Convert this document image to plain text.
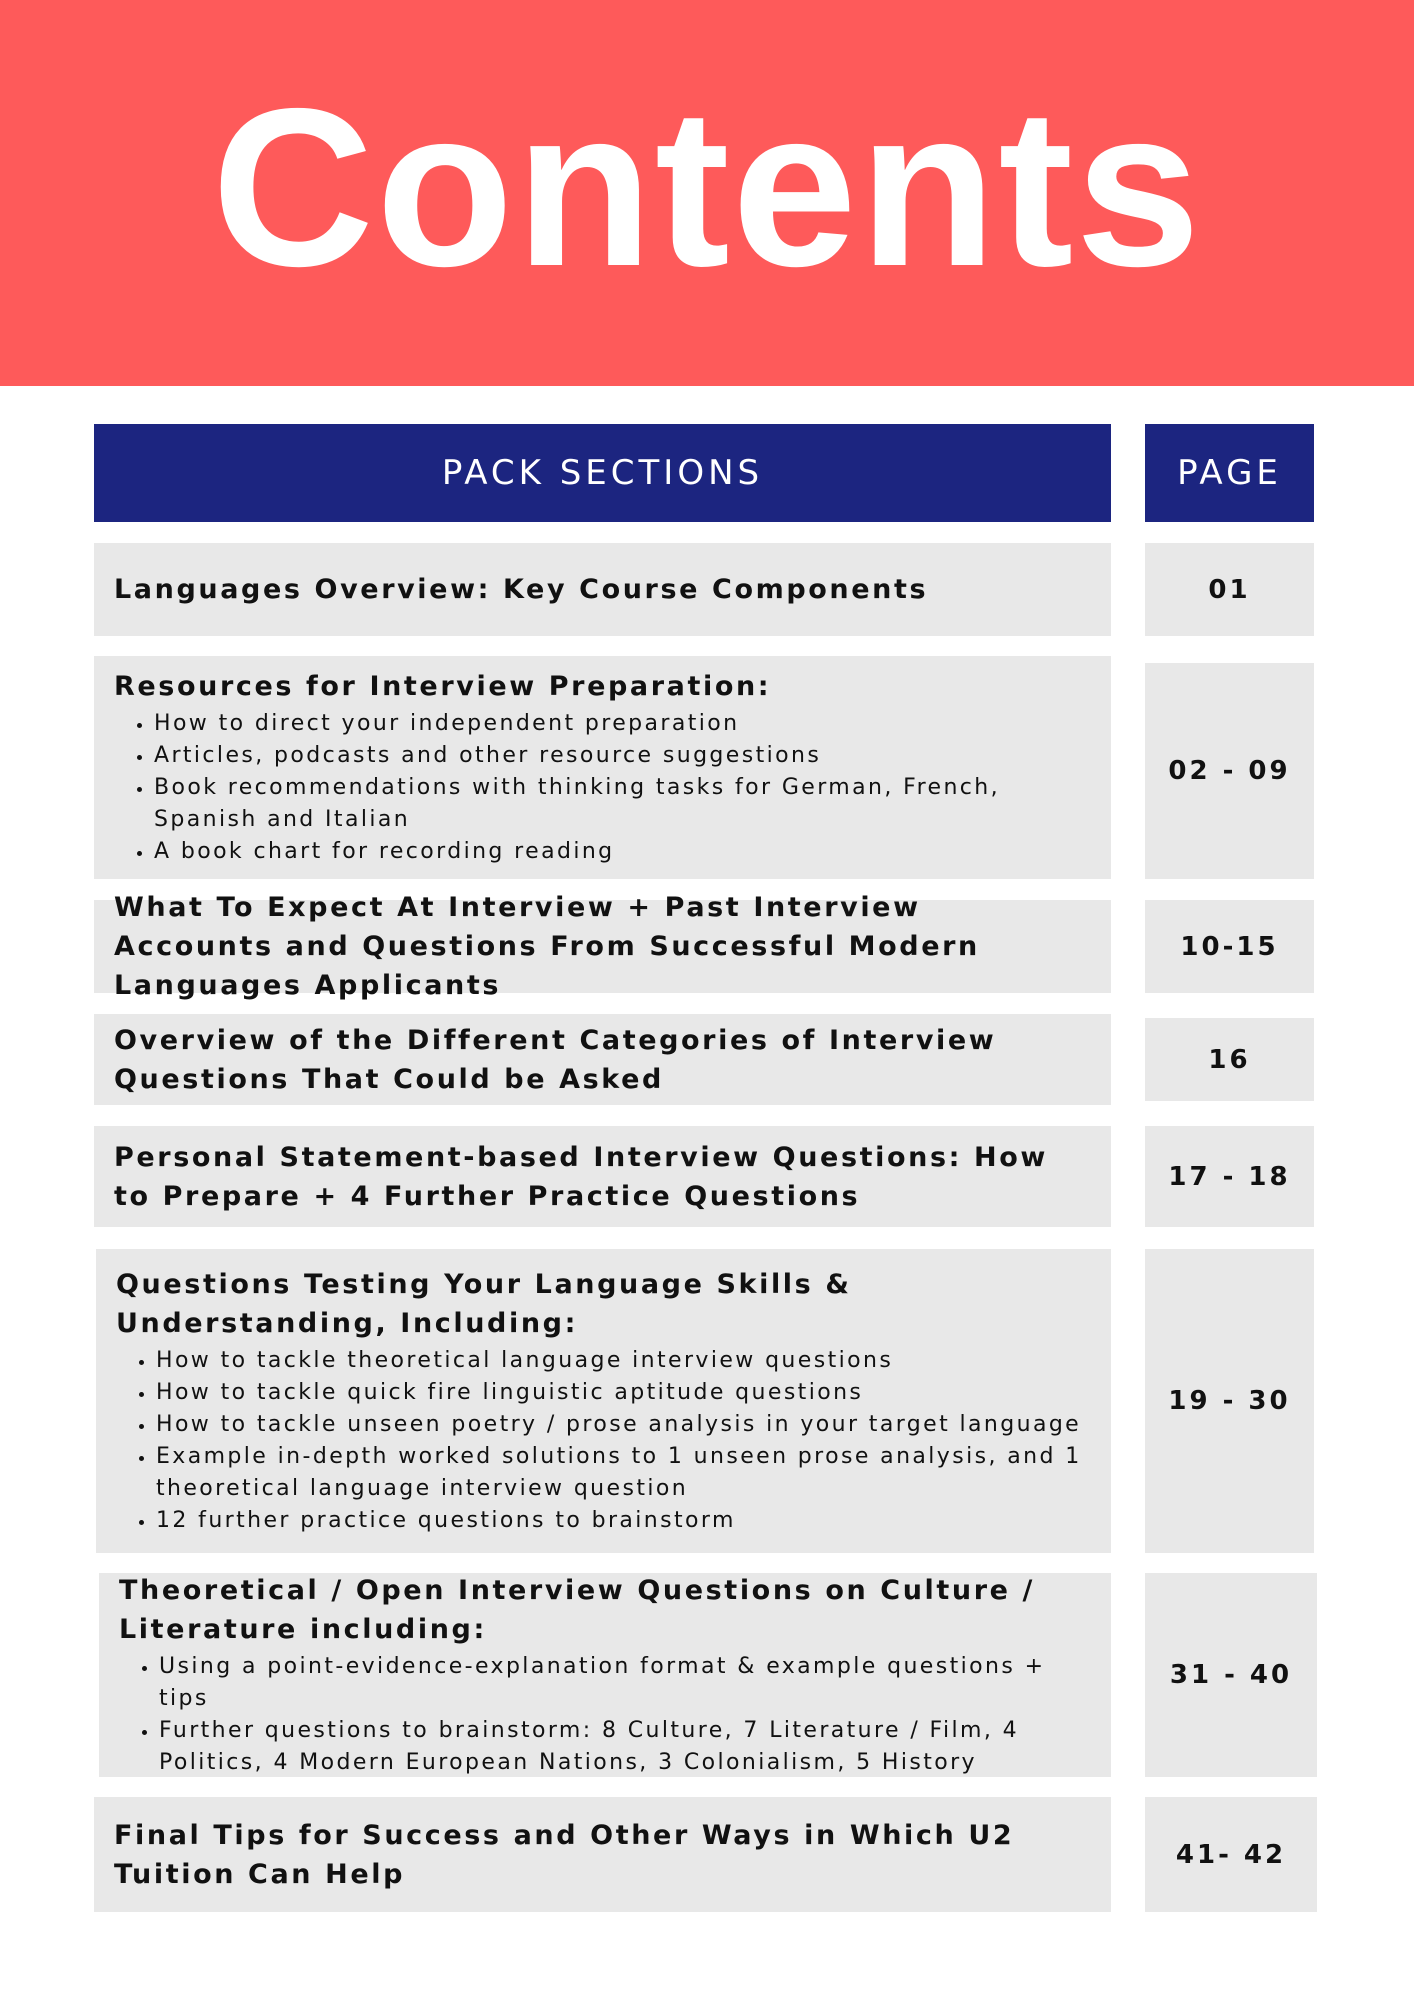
Contents
PACK SECTIONS	PAGE
Languages Overview: Key Course Components	01
Resources for Interview Preparation:
• How to direct your independent preparation
• Articles, podcasts and other resource suggestions
• Book recommendations with thinking tasks for German, French, Spanish and Italian
• A book chart for recording reading
02 - 09
What To Expect At Interview + Past Interview Accounts and Questions From Successful Modern Languages Applicants
10-15
Overview of the Different Categories of Interview Questions That Could be Asked
16
Personal Statement-based Interview Questions: How to Prepare + 4 Further Practice Questions
17 - 18
Questions Testing Your Language Skills & Understanding, Including:
• How to tackle theoretical language interview questions
• How to tackle quick fire linguistic aptitude questions
• How to tackle unseen poetry / prose analysis in your target language
• Example in-depth worked solutions to 1 unseen prose analysis, and 1 theoretical language interview question
• 12 further practice questions to brainstorm
19 - 30
Theoretical / Open Interview Questions on Culture / Literature including:
• Using a point-evidence-explanation format & example questions + tips
• Further questions to brainstorm: 8 Culture, 7 Literature / Film, 4 Politics, 4 Modern European Nations, 3 Colonialism, 5 History
31 - 40
Final Tips for Success and Other Ways in Which U2 Tuition Can Help
41- 42
